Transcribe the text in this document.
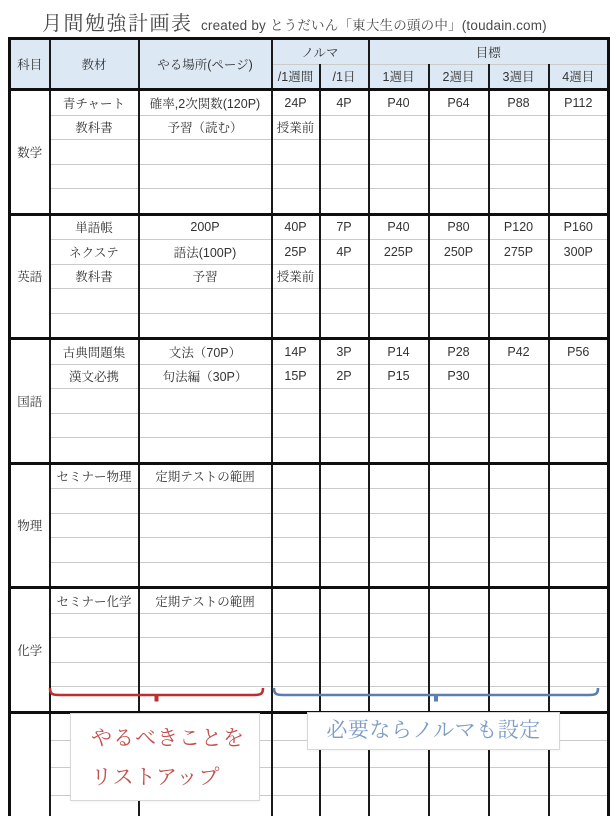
月間勉強計画表 created by とうだいん「東大生の頭の中」(toudain.com)
科目	教材	やる場所(ページ)	ノルマ		目標			
			/1週間	/1日	1週目	2週目	3週目	4週目
数学	青チャート	確率,2次関数(120P)	24P	4P	P40	P64	P88	P112
	教科書	予習（読む）	授業前					

英語	単語帳	200P	40P	7P	P40	P80	P120	P160
	ネクステ	語法(100P)	25P	4P	225P	250P	275P	300P
	教科書	予習	授業前					

国語	古典問題集	文法（70P）	14P	3P	P14	P28	P42	P56
	漢文必携	句法編（30P）	15P	2P	P15	P30		

物理	セミナー物理	定期テストの範囲						

化学	セミナー化学	定期テストの範囲						

やるべきことを
リストアップ
必要ならノルマも設定
